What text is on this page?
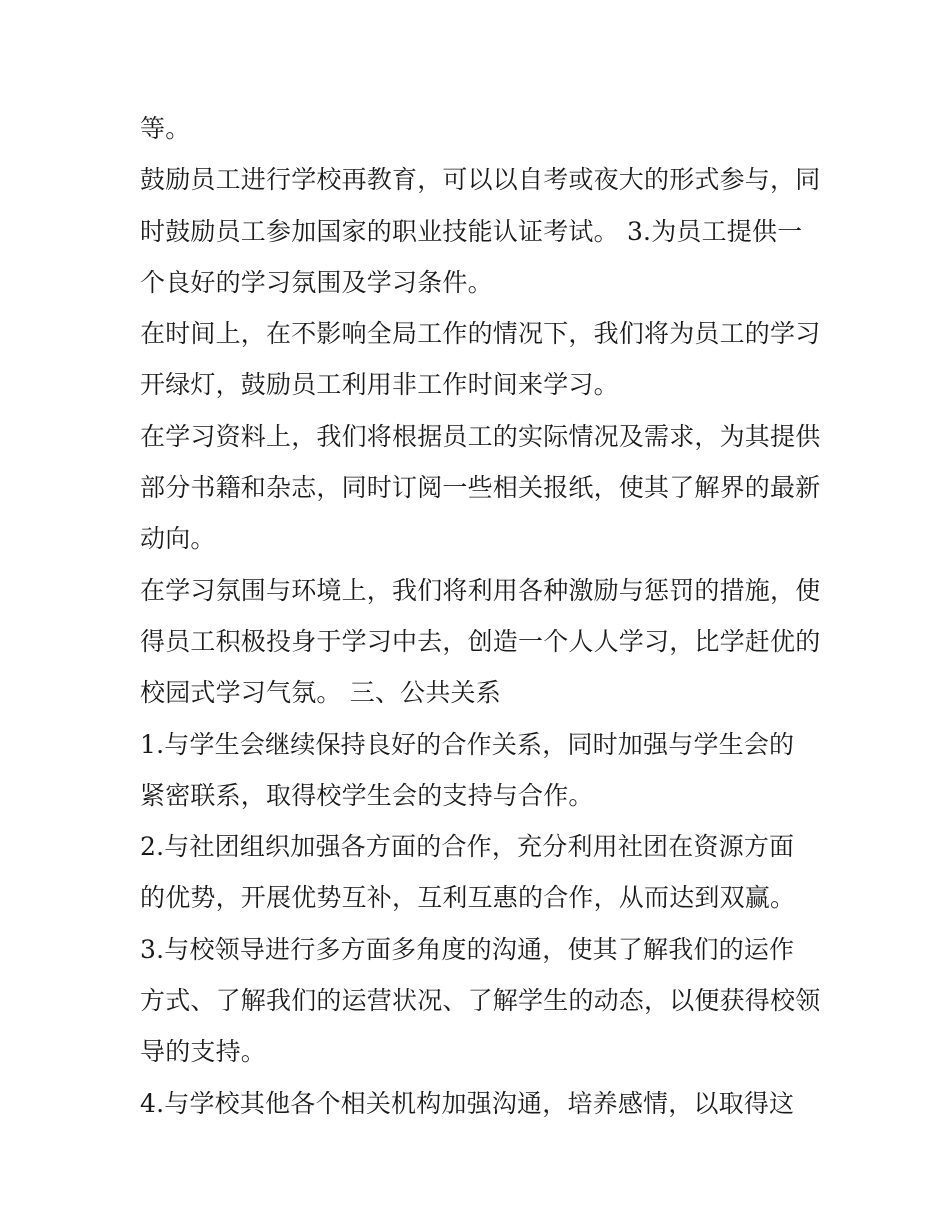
等。
鼓励员工进行学校再教育，可以以自考或夜大的形式参与，同
时鼓励员工参加国家的职业技能认证考试。 3.为员工提供一
个良好的学习氛围及学习条件。
在时间上，在不影响全局工作的情况下，我们将为员工的学习
开绿灯，鼓励员工利用非工作时间来学习。
在学习资料上，我们将根据员工的实际情况及需求，为其提供
部分书籍和杂志，同时订阅一些相关报纸，使其了解界的最新
动向。
在学习氛围与环境上，我们将利用各种激励与惩罚的措施，使
得员工积极投身于学习中去，创造一个人人学习，比学赶优的
校园式学习气氛。 三、公共关系
1.与学生会继续保持良好的合作关系，同时加强与学生会的
紧密联系，取得校学生会的支持与合作。
2.与社团组织加强各方面的合作，充分利用社团在资源方面
的优势，开展优势互补，互利互惠的合作，从而达到双赢。
3.与校领导进行多方面多角度的沟通，使其了解我们的运作
方式、了解我们的运营状况、了解学生的动态，以便获得校领
导的支持。
4.与学校其他各个相关机构加强沟通，培养感情，以取得这
